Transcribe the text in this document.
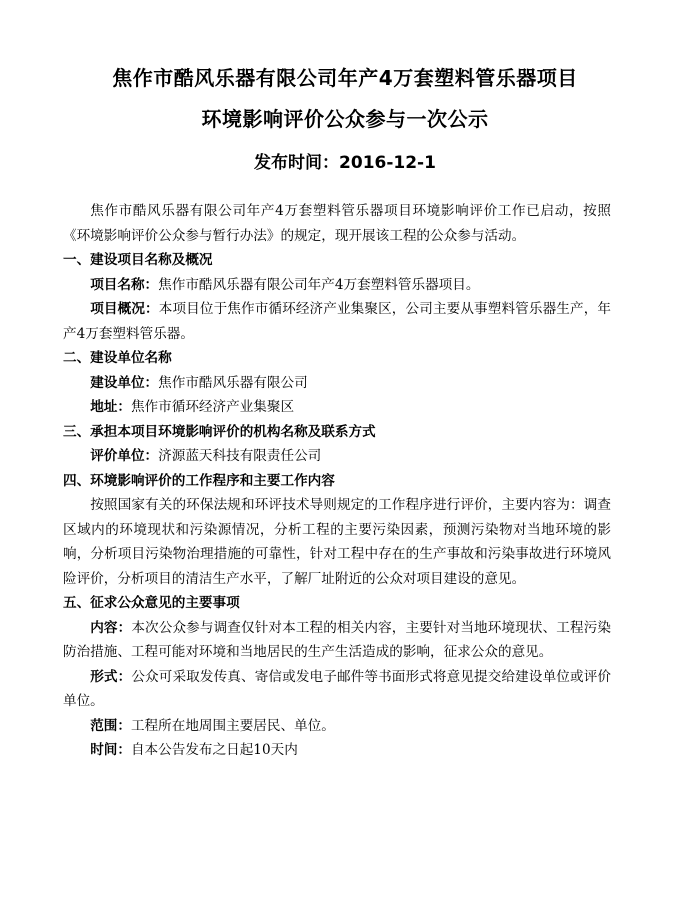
焦作市酷风乐器有限公司年产4万套塑料管乐器项目
环境影响评价公众参与一次公示
发布时间：2016-12-1

焦作市酷风乐器有限公司年产4万套塑料管乐器项目环境影响评价工作已启动，按照《环境影响评价公众参与暂行办法》的规定，现开展该工程的公众参与活动。

一、建设项目名称及概况

项目名称：焦作市酷风乐器有限公司年产4万套塑料管乐器项目。

项目概况：本项目位于焦作市循环经济产业集聚区，公司主要从事塑料管乐器生产，年产4万套塑料管乐器。

二、建设单位名称

建设单位：焦作市酷风乐器有限公司

地址：焦作市循环经济产业集聚区

三、承担本项目环境影响评价的机构名称及联系方式

评价单位：济源蓝天科技有限责任公司

四、环境影响评价的工作程序和主要工作内容

按照国家有关的环保法规和环评技术导则规定的工作程序进行评价，主要内容为：调查区域内的环境现状和污染源情况，分析工程的主要污染因素，预测污染物对当地环境的影响，分析项目污染物治理措施的可靠性，针对工程中存在的生产事故和污染事故进行环境风险评价，分析项目的清洁生产水平，了解厂址附近的公众对项目建设的意见。

五、征求公众意见的主要事项

内容：本次公众参与调查仅针对本工程的相关内容，主要针对当地环境现状、工程污染防治措施、工程可能对环境和当地居民的生产生活造成的影响，征求公众的意见。

形式：公众可采取发传真、寄信或发电子邮件等书面形式将意见提交给建设单位或评价单位。

范围：工程所在地周围主要居民、单位。

时间：自本公告发布之日起10天内
